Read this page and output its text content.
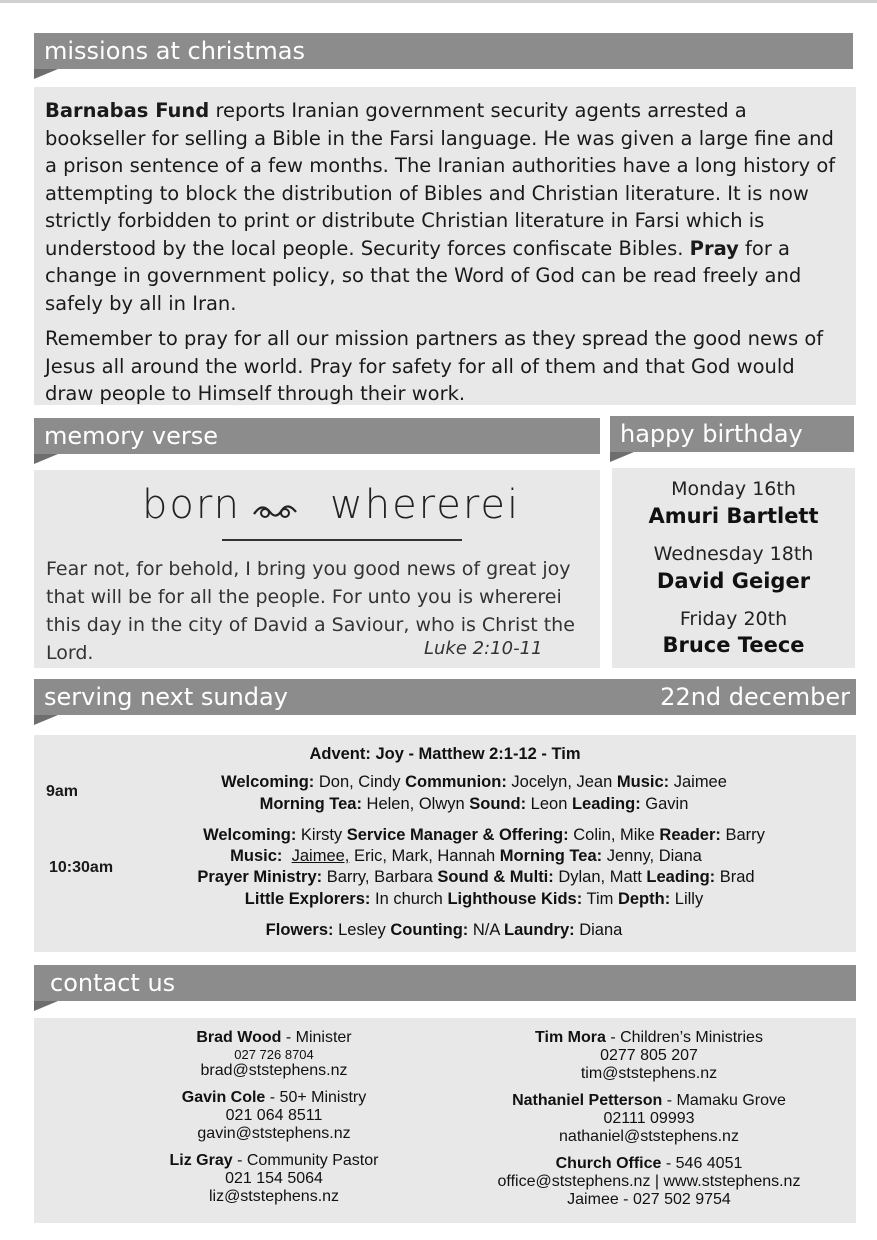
missions at christmas

Barnabas Fund reports Iranian government security agents arrested a bookseller for selling a Bible in the Farsi language. He was given a large fine and a prison sentence of a few months. The Iranian authorities have a long history of attempting to block the distribution of Bibles and Christian literature. It is now strictly forbidden to print or distribute Christian literature in Farsi which is understood by the local people. Security forces confiscate Bibles. Pray for a change in government policy, so that the Word of God can be read freely and safely by all in Iran.

Remember to pray for all our mission partners as they spread the good news of Jesus all around the world. Pray for safety for all of them and that God would draw people to Himself through their work.

memory verse
born whererei

Fear not, for behold, I bring you good news of great joy that will be for all the people. For unto you is whererei this day in the city of David a Saviour, who is Christ the Lord.	Luke 2:10-11
happy birthday
Monday 16th
Amuri Bartlett
Wednesday 18th
David Geiger
Friday 20th
Bruce Teece
serving next sunday	22nd december
Advent: Joy - Matthew 2:1-12 - Tim
9am
Welcoming: Don, Cindy Communion: Jocelyn, Jean Music: Jaimee
Morning Tea: Helen, Olwyn Sound: Leon Leading: Gavin
10:30am
Welcoming: Kirsty Service Manager & Offering: Colin, Mike Reader: Barry
Music: Jaimee, Eric, Mark, Hannah Morning Tea: Jenny, Diana
Prayer Ministry: Barry, Barbara Sound & Multi: Dylan, Matt Leading: Brad
Little Explorers: In church Lighthouse Kids: Tim Depth: Lilly
Flowers: Lesley Counting: N/A Laundry: Diana
contact us
Brad Wood - Minister
027 726 8704
brad@ststephens.nz
Gavin Cole - 50+ Ministry
021 064 8511
gavin@ststephens.nz
Liz Gray - Community Pastor
021 154 5064
liz@ststephens.nz
Tim Mora - Children’s Ministries
0277 805 207
tim@ststephens.nz
Nathaniel Petterson - Mamaku Grove
02111 09993
nathaniel@ststephens.nz
Church Office - 546 4051
office@ststephens.nz | www.ststephens.nz
Jaimee - 027 502 9754
